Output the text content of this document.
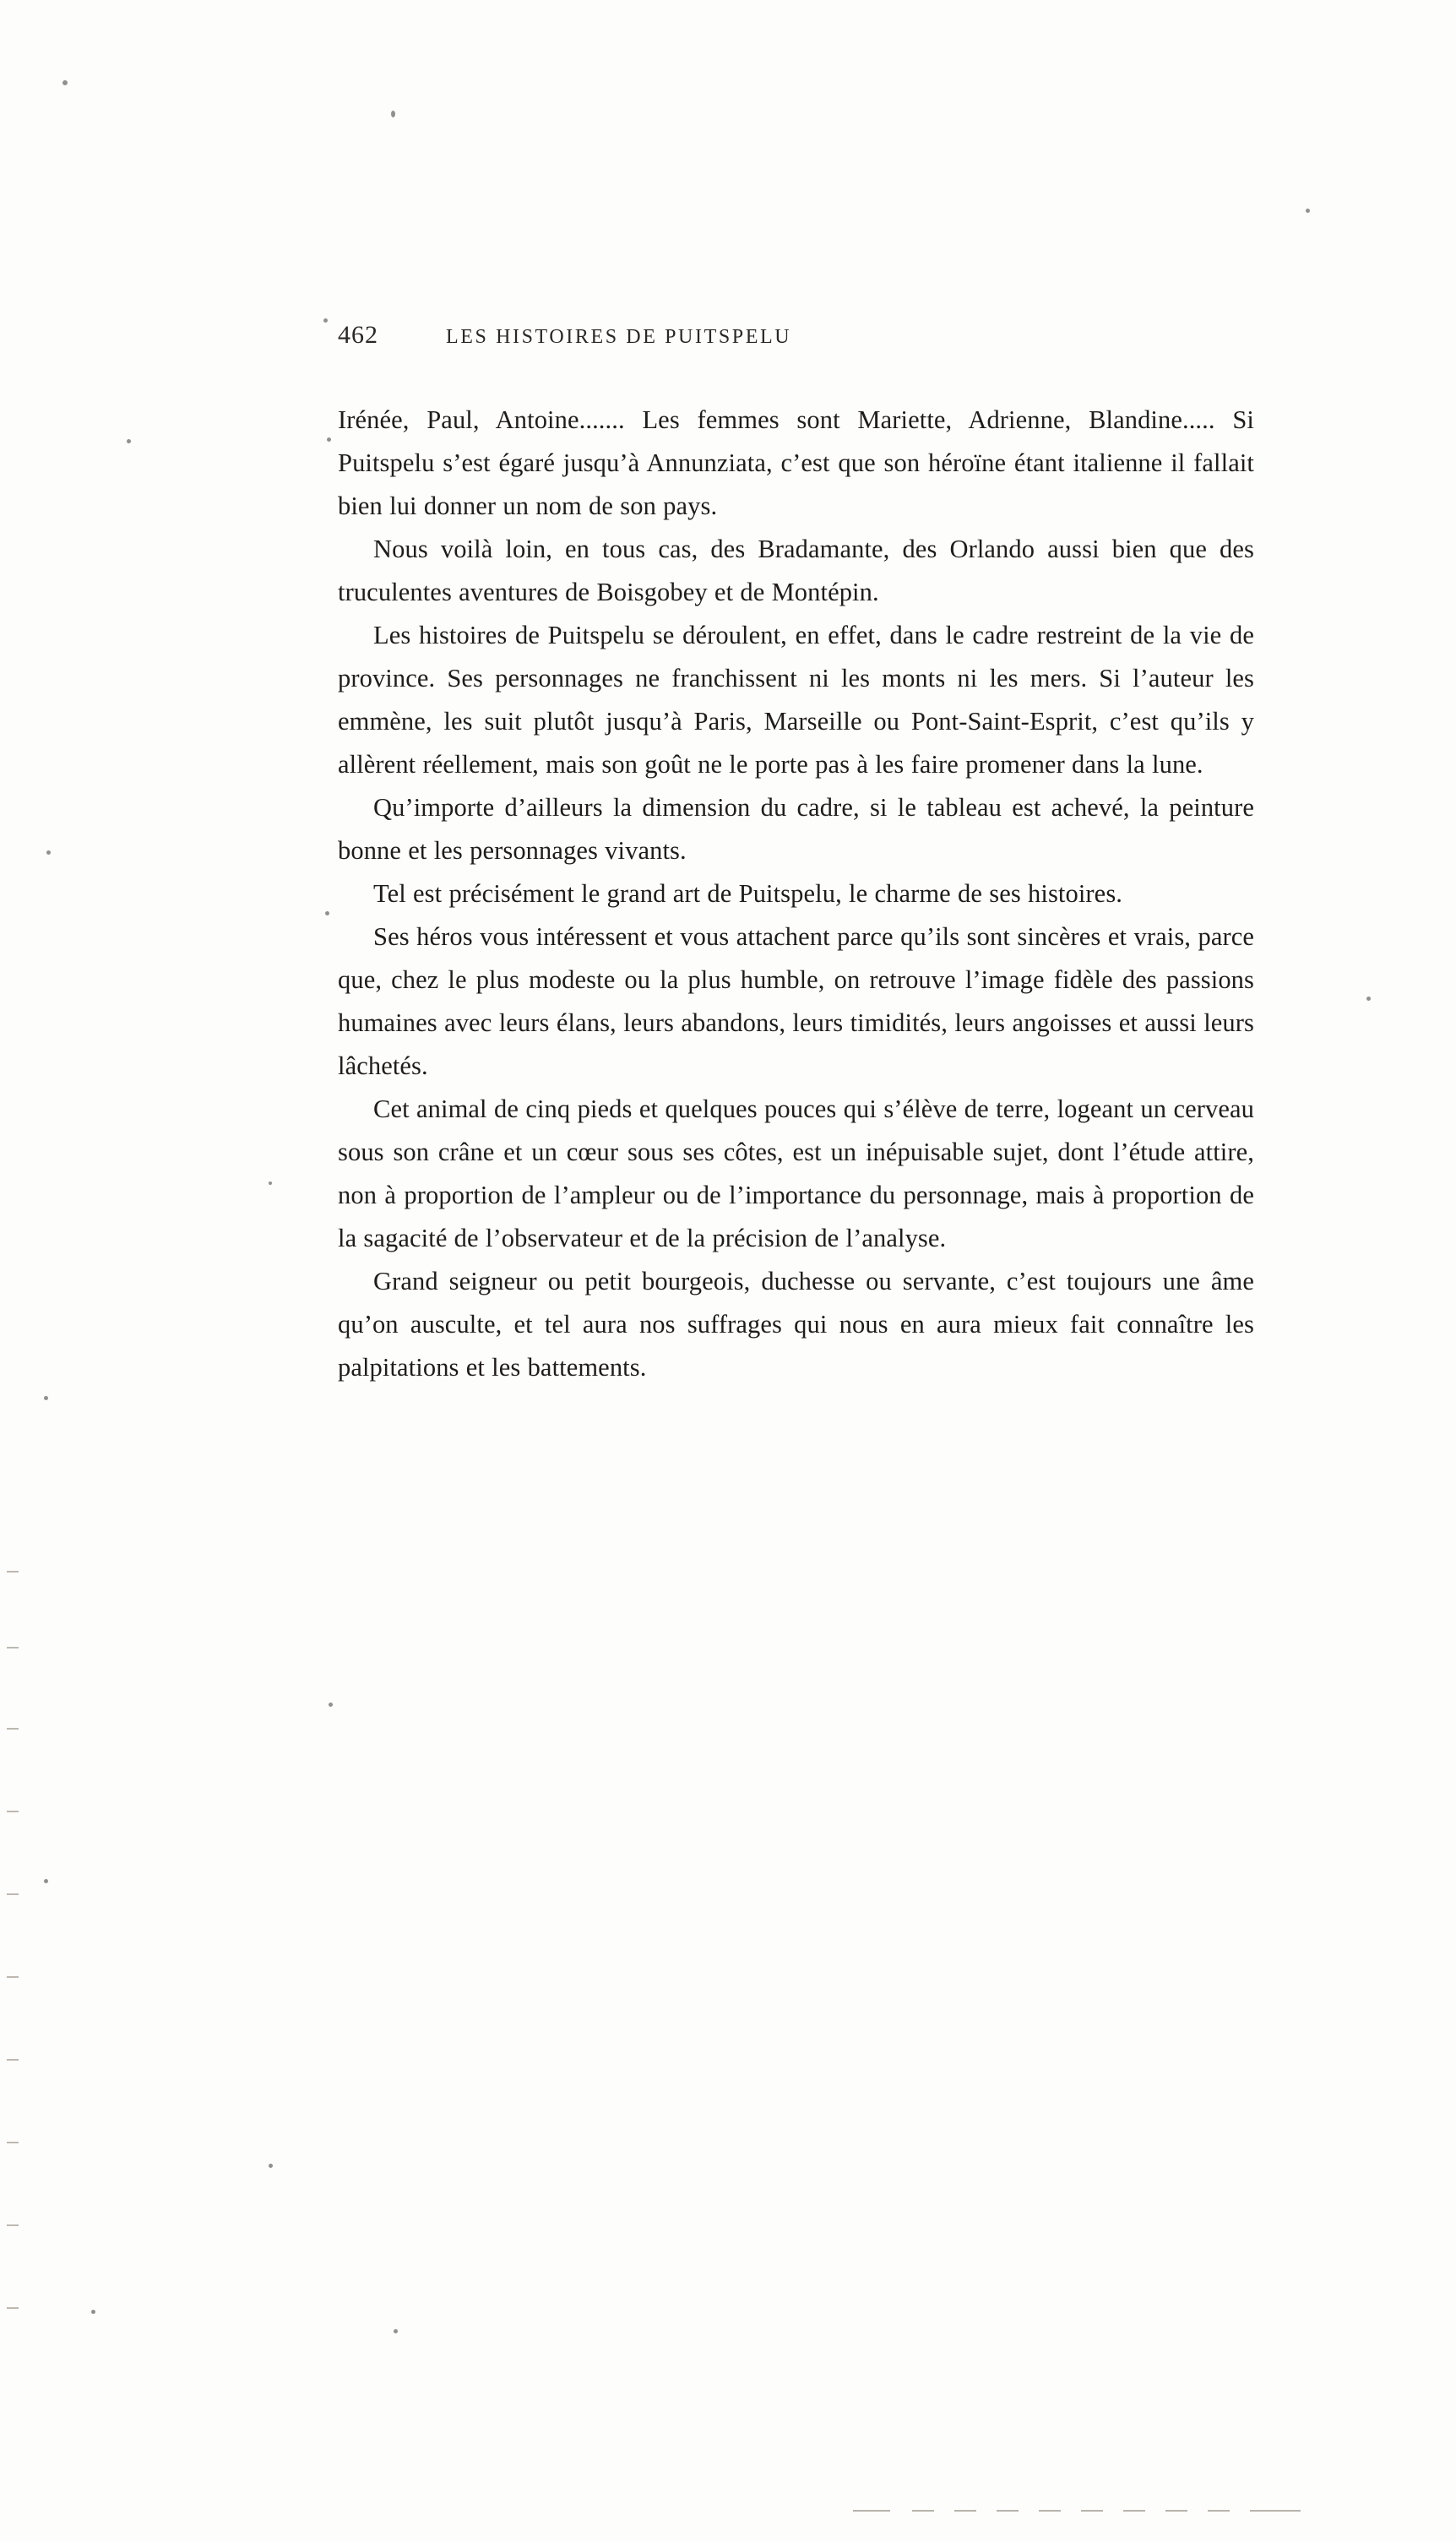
462	LES HISTOIRES DE PUITSPELU

Irénée, Paul, Antoine....... Les femmes sont Mariette, Adrienne, Blandine..... Si Puitspelu s’est égaré jusqu’à Annunziata, c’est que son héroïne étant italienne il fallait bien lui donner un nom de son pays.

Nous voilà loin, en tous cas, des Bradamante, des Orlando aussi bien que des truculentes aventures de Boisgobey et de Montépin.

Les histoires de Puitspelu se déroulent, en effet, dans le cadre restreint de la vie de province. Ses personnages ne franchissent ni les monts ni les mers. Si l’auteur les emmène, les suit plutôt jusqu’à Paris, Marseille ou Pont-Saint-Esprit, c’est qu’ils y allèrent réellement, mais son goût ne le porte pas à les faire promener dans la lune.

Qu’importe d’ailleurs la dimension du cadre, si le tableau est achevé, la peinture bonne et les personnages vivants.

Tel est précisément le grand art de Puitspelu, le charme de ses histoires.

Ses héros vous intéressent et vous attachent parce qu’ils sont sincères et vrais, parce que, chez le plus modeste ou la plus humble, on retrouve l’image fidèle des passions humaines avec leurs élans, leurs abandons, leurs timidités, leurs angoisses et aussi leurs lâchetés.

Cet animal de cinq pieds et quelques pouces qui s’élève de terre, logeant un cerveau sous son crâne et un cœur sous ses côtes, est un inépuisable sujet, dont l’étude attire, non à proportion de l’ampleur ou de l’importance du personnage, mais à proportion de la sagacité de l’observateur et de la précision de l’analyse.

Grand seigneur ou petit bourgeois, duchesse ou servante, c’est toujours une âme qu’on ausculte, et tel aura nos suffrages qui nous en aura mieux fait connaître les palpitations et les battements.
